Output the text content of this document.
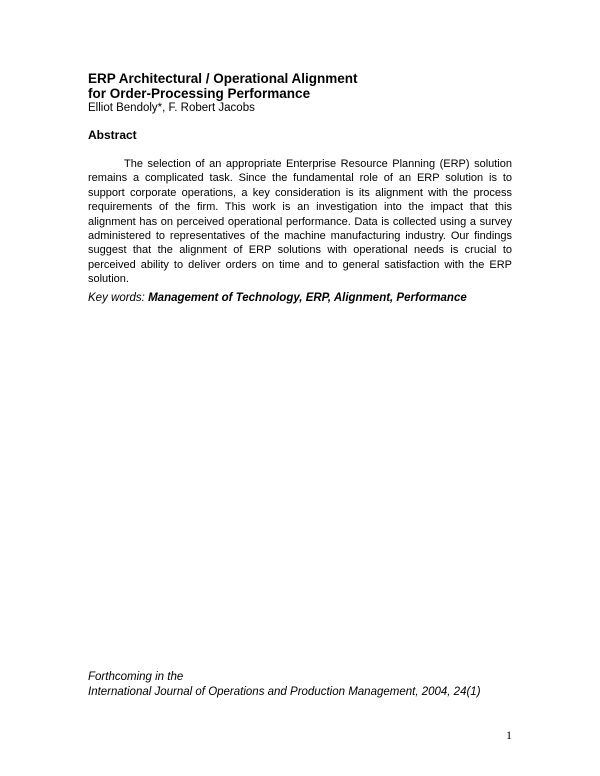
ERP Architectural / Operational Alignment

for Order-Processing Performance

Elliot Bendoly*, F. Robert Jacobs

Abstract

The selection of an appropriate Enterprise Resource Planning (ERP) solution remains a complicated task. Since the fundamental role of an ERP solution is to support corporate operations, a key consideration is its alignment with the process requirements of the firm. This work is an investigation into the impact that this alignment has on perceived operational performance. Data is collected using a survey administered to representatives of the machine manufacturing industry. Our findings suggest that the alignment of ERP solutions with operational needs is crucial to perceived ability to deliver orders on time and to general satisfaction with the ERP solution.

Key words: Management of Technology, ERP, Alignment, Performance

Forthcoming in the
International Journal of Operations and Production Management, 2004, 24(1)

1
